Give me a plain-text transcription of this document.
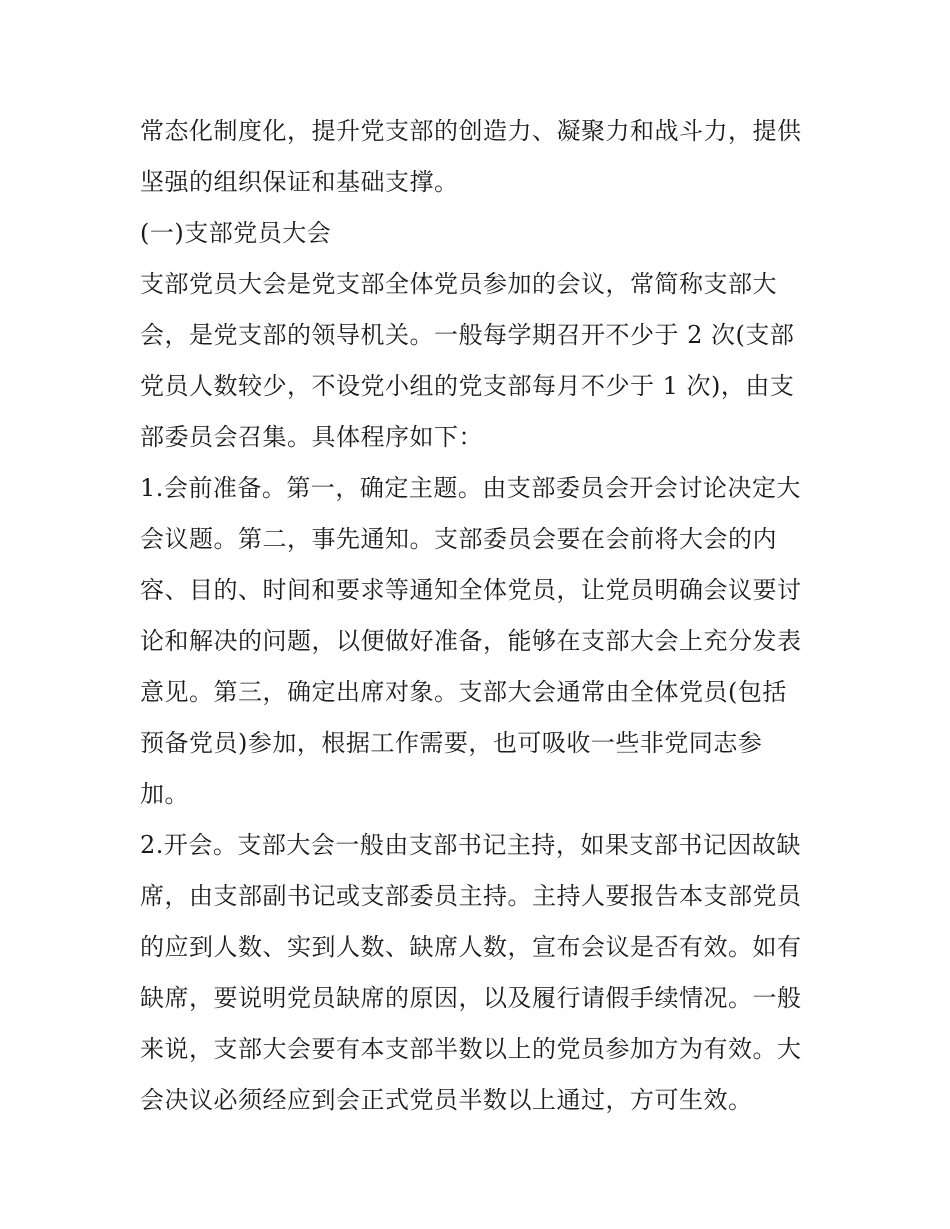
常态化制度化，提升党支部的创造力、凝聚力和战斗力，提供
坚强的组织保证和基础支撑。
(一)支部党员大会
支部党员大会是党支部全体党员参加的会议，常简称支部大
会，是党支部的领导机关。一般每学期召开不少于 2 次(支部
党员人数较少，不设党小组的党支部每月不少于 1 次)，由支
部委员会召集。具体程序如下：
1.会前准备。第一，确定主题。由支部委员会开会讨论决定大
会议题。第二，事先通知。支部委员会要在会前将大会的内
容、目的、时间和要求等通知全体党员，让党员明确会议要讨
论和解决的问题，以便做好准备，能够在支部大会上充分发表
意见。第三，确定出席对象。支部大会通常由全体党员(包括
预备党员)参加，根据工作需要，也可吸收一些非党同志参
加。
2.开会。支部大会一般由支部书记主持，如果支部书记因故缺
席，由支部副书记或支部委员主持。主持人要报告本支部党员
的应到人数、实到人数、缺席人数，宣布会议是否有效。如有
缺席，要说明党员缺席的原因，以及履行请假手续情况。一般
来说，支部大会要有本支部半数以上的党员参加方为有效。大
会决议必须经应到会正式党员半数以上通过，方可生效。
